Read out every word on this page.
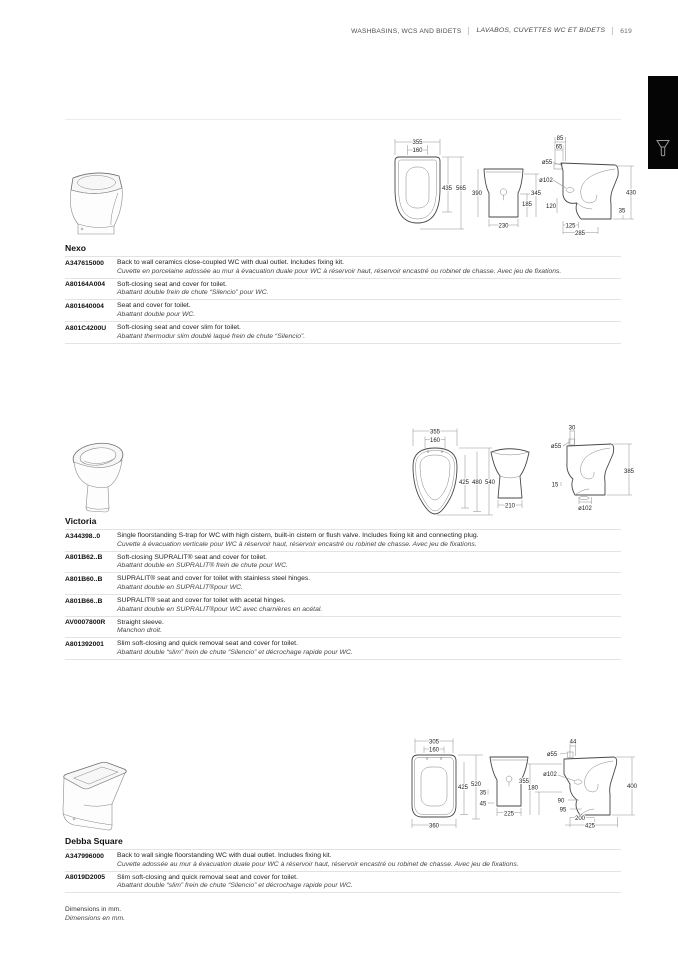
WASHBASINS, WCS AND BIDETS LAVABOS, CUVETTES WC ET BIDETS 619
355
160
435 565
390
185
345
230
85
65
ø55
ø102
120
35
430
125
285
Nexo
A347615000	Back to wall ceramics close-coupled WC with dual outlet. Includes fixing kit.
Cuvette en porcelaine adossée au mur à évacuation duale pour WC à réservoir haut, réservoir encastré ou robinet de chasse. Avec jeu de fixations.
A80164A004	Soft-closing seat and cover for toilet.
Abattant double frein de chute “Silencio” pour WC.
A801640004	Seat and cover for toilet.
Abattant double pour WC.
A801C4200U	Soft-closing seat and cover slim for toilet.
Abattant thermodur slim doublé laqué frein de chute “Silencio”.
355
160
425 480 540
210
30
ø55
385
15
ø102
Victoria
A344398..0	Single floorstanding S-trap for WC with high cistern, built-in cistern or flush valve. Includes fixing kit and connecting plug.
Cuvette à évacuation verticale pour WC à réservoir haut, réservoir encastré ou robinet de chasse. Avec jeu de fixations.
A801B62..B	Soft-closing SUPRALIT® seat and cover for toilet.
Abattant double en SUPRALIT® frein de chute pour WC.
A801B60..B	SUPRALIT® seat and cover for toilet with stainless steel hinges.
Abattant double en SUPRALIT®pour WC.
A801B66..B	SUPRALIT® seat and cover for toilet with acetal hinges.
Abattant double en SUPRALIT®pour WC avec charnières en acétal.
AV0007800R	Straight sleeve.
Manchon droit.
A801392001	Slim soft-closing and quick removal seat and cover for toilet.
Abattant double “slim” frein de chute “Silencio” et décrochage rapide pour WC.
305
160
425 520
360
35
45
225
44
ø55
ø102
355
180	400
90
95
200
425
Debba Square
A347996000	Back to wall single floorstanding WC with dual outlet. Includes fixing kit.
Cuvette adossée au mur à évacuation duale pour WC à réservoir haut, réservoir encastré ou robinet de chasse. Avec jeu de fixations.
A8019D2005	Slim soft-closing and quick removal seat and cover for toilet.
Abattant double “slim” frein de chute “Silencio” et décrochage rapide pour WC.
Dimensions in mm.
Dimensions en mm.
